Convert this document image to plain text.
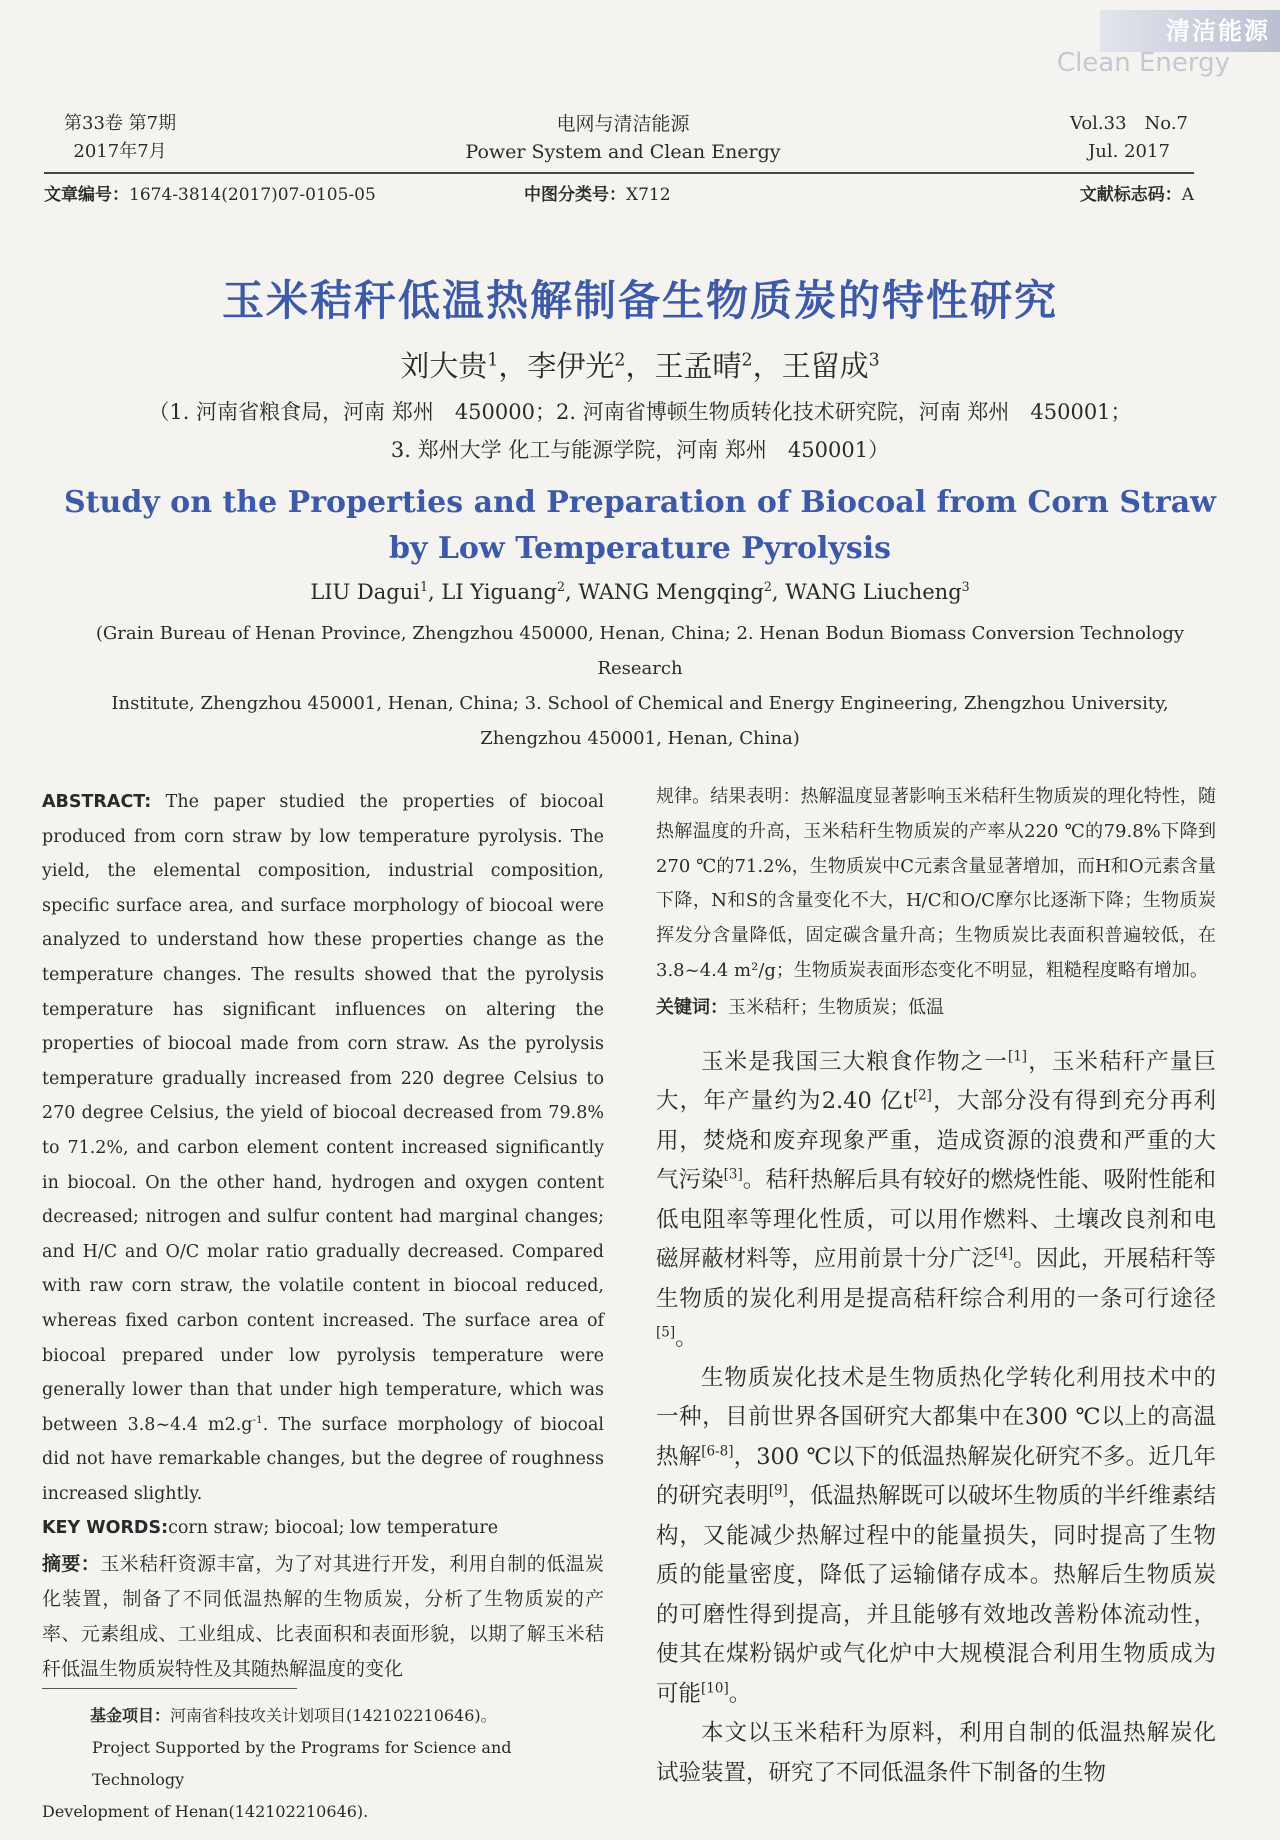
清洁能源
Clean Energy
第33卷 第7期
2017年7月
电网与清洁能源
Power System and Clean Energy
Vol.33　No.7
Jul. 2017
文章编号：1674-3814(2017)07-0105-05	中图分类号：X712	文献标志码：A
玉米秸秆低温热解制备生物质炭的特性研究
刘大贵$^1$，李伊光$^2$，王孟晴$^2$，王留成$^3$
（1. 河南省粮食局，河南 郑州　450000；2. 河南省博顿生物质转化技术研究院，河南 郑州　450001；
3. 郑州大学 化工与能源学院，河南 郑州　450001）
Study on the Properties and Preparation of Biocoal from Corn Straw by Low Temperature Pyrolysis
LIU Dagui$^1$, LI Yiguang$^2$, WANG Mengqing$^2$, WANG Liucheng$^3$
(Grain Bureau of Henan Province, Zhengzhou 450000, Henan, China; 2. Henan Bodun Biomass Conversion Technology Research
Institute, Zhengzhou 450001, Henan, China; 3. School of Chemical and Energy Engineering, Zhengzhou University,
Zhengzhou 450001, Henan, China)

ABSTRACT: The paper studied the properties of biocoal produced from corn straw by low temperature pyrolysis. The yield, the elemental composition, industrial composition, specific surface area, and surface morphology of biocoal were analyzed to understand how these properties change as the temperature changes. The results showed that the pyrolysis temperature has significant influences on altering the properties of biocoal made from corn straw. As the pyrolysis temperature gradually increased from 220 degree Celsius to 270 degree Celsius, the yield of biocoal decreased from 79.8% to 71.2%, and carbon element content increased significantly in biocoal. On the other hand, hydrogen and oxygen content decreased; nitrogen and sulfur content had marginal changes; and H/C and O/C molar ratio gradually decreased. Compared with raw corn straw, the volatile content in biocoal reduced, whereas fixed carbon content increased. The surface area of biocoal prepared under low pyrolysis temperature were generally lower than that under high temperature, which was between 3.8~4.4 $m2.g^{-1}$. The surface morphology of biocoal did not have remarkable changes, but the degree of roughness increased slightly.

KEY WORDS:corn straw; biocoal; low temperature

摘要：玉米秸秆资源丰富，为了对其进行开发，利用自制的低温炭化装置，制备了不同低温热解的生物质炭，分析了生物质炭的产率、元素组成、工业组成、比表面积和表面形貌，以期了解玉米秸秆低温生物质炭特性及其随热解温度的变化

规律。结果表明：热解温度显著影响玉米秸秆生物质炭的理化特性，随热解温度的升高，玉米秸秆生物质炭的产率从220 ℃的79.8%下降到270 ℃的71.2%，生物质炭中C元素含量显著增加，而H和O元素含量下降，N和S的含量变化不大，H/C和O/C摩尔比逐渐下降；生物质炭挥发分含量降低，固定碳含量升高；生物质炭比表面积普遍较低，在3.8~4.4 m²/g；生物质炭表面形态变化不明显，粗糙程度略有增加。

关键词：玉米秸秆；生物质炭；低温

玉米是我国三大粮食作物之一[1]，玉米秸秆产量巨大，年产量约为2.40 亿t[2]，大部分没有得到充分再利用，焚烧和废弃现象严重，造成资源的浪费和严重的大气污染[3]。秸秆热解后具有较好的燃烧性能、吸附性能和低电阻率等理化性质，可以用作燃料、土壤改良剂和电磁屏蔽材料等，应用前景十分广泛[4]。因此，开展秸秆等生物质的炭化利用是提高秸秆综合利用的一条可行途径[5]。

生物质炭化技术是生物质热化学转化利用技术中的一种，目前世界各国研究大都集中在300 ℃以上的高温热解[6-8]，300 ℃以下的低温热解炭化研究不多。近几年的研究表明[9]，低温热解既可以破坏生物质的半纤维素结构，又能减少热解过程中的能量损失，同时提高了生物质的能量密度，降低了运输储存成本。热解后生物质炭的可磨性得到提高，并且能够有效地改善粉体流动性，使其在煤粉锅炉或气化炉中大规模混合利用生物质成为可能[10]。

本文以玉米秸秆为原料，利用自制的低温热解炭化试验装置，研究了不同低温条件下制备的生物

基金项目：河南省科技攻关计划项目(142102210646)。
Project Supported by the Programs for Science and Technology
Development of Henan(142102210646).
